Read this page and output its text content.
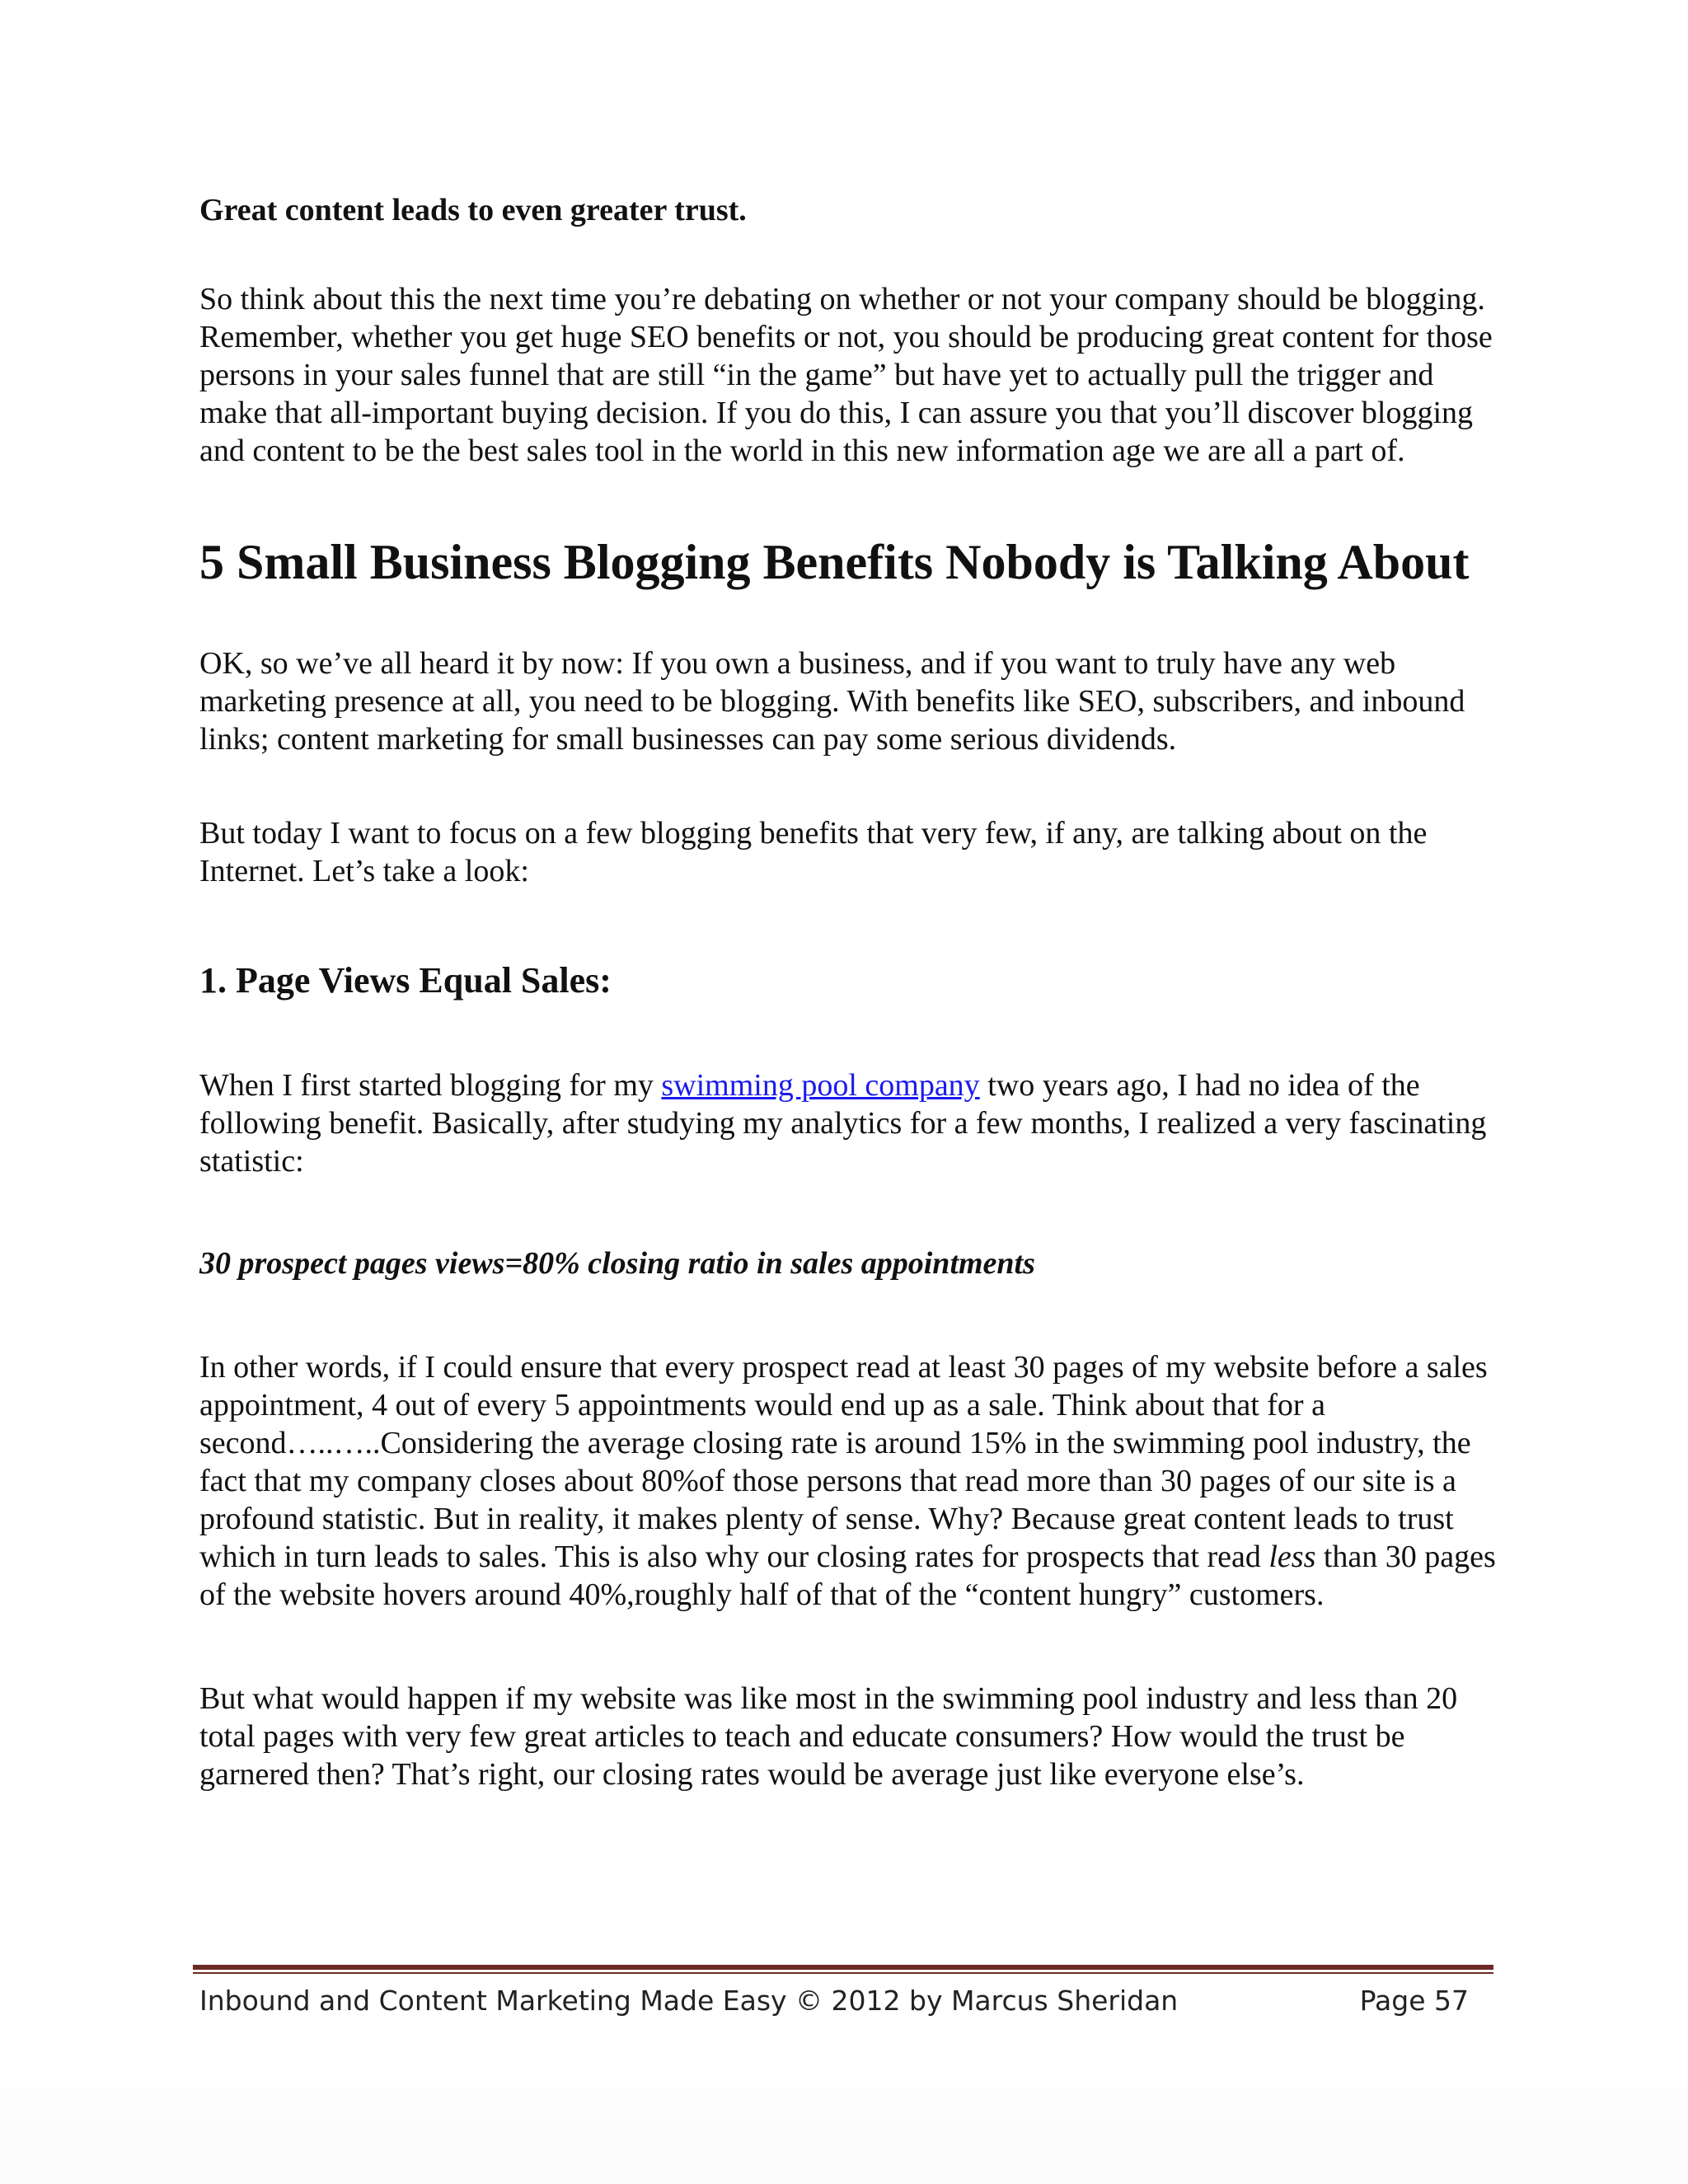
Great content leads to even greater trust.

So think about this the next time you’re debating on whether or not your company should be blogging. Remember, whether you get huge SEO benefits or not, you should be producing great content for those persons in your sales funnel that are still “in the game” but have yet to actually pull the trigger and make that all-important buying decision. If you do this, I can assure you that you’ll discover blogging and content to be the best sales tool in the world in this new information age we are all a part of.

5 Small Business Blogging Benefits Nobody is Talking About

OK, so we’ve all heard it by now: If you own a business, and if you want to truly have any web marketing presence at all, you need to be blogging. With benefits like SEO, subscribers, and inbound links; content marketing for small businesses can pay some serious dividends.

But today I want to focus on a few blogging benefits that very few, if any, are talking about on the Internet. Let’s take a look:

1. Page Views Equal Sales:

When I first started blogging for my swimming pool company two years ago, I had no idea of the following benefit. Basically, after studying my analytics for a few months, I realized a very fascinating statistic:

30 prospect pages views=80% closing ratio in sales appointments

In other words, if I could ensure that every prospect read at least 30 pages of my website before a sales appointment, 4 out of every 5 appointments would end up as a sale. Think about that for a second…..…..Considering the average closing rate is around 15% in the swimming pool industry, the fact that my company closes about 80%of those persons that read more than 30 pages of our site is a profound statistic. But in reality, it makes plenty of sense. Why? Because great content leads to trust which in turn leads to sales. This is also why our closing rates for prospects that read less than 30 pages of the website hovers around 40%,roughly half of that of the “content hungry” customers.

But what would happen if my website was like most in the swimming pool industry and less than 20 total pages with very few great articles to teach and educate consumers? How would the trust be garnered then? That’s right, our closing rates would be average just like everyone else’s.

Inbound and Content Marketing Made Easy © 2012 by Marcus Sheridan	Page 57
